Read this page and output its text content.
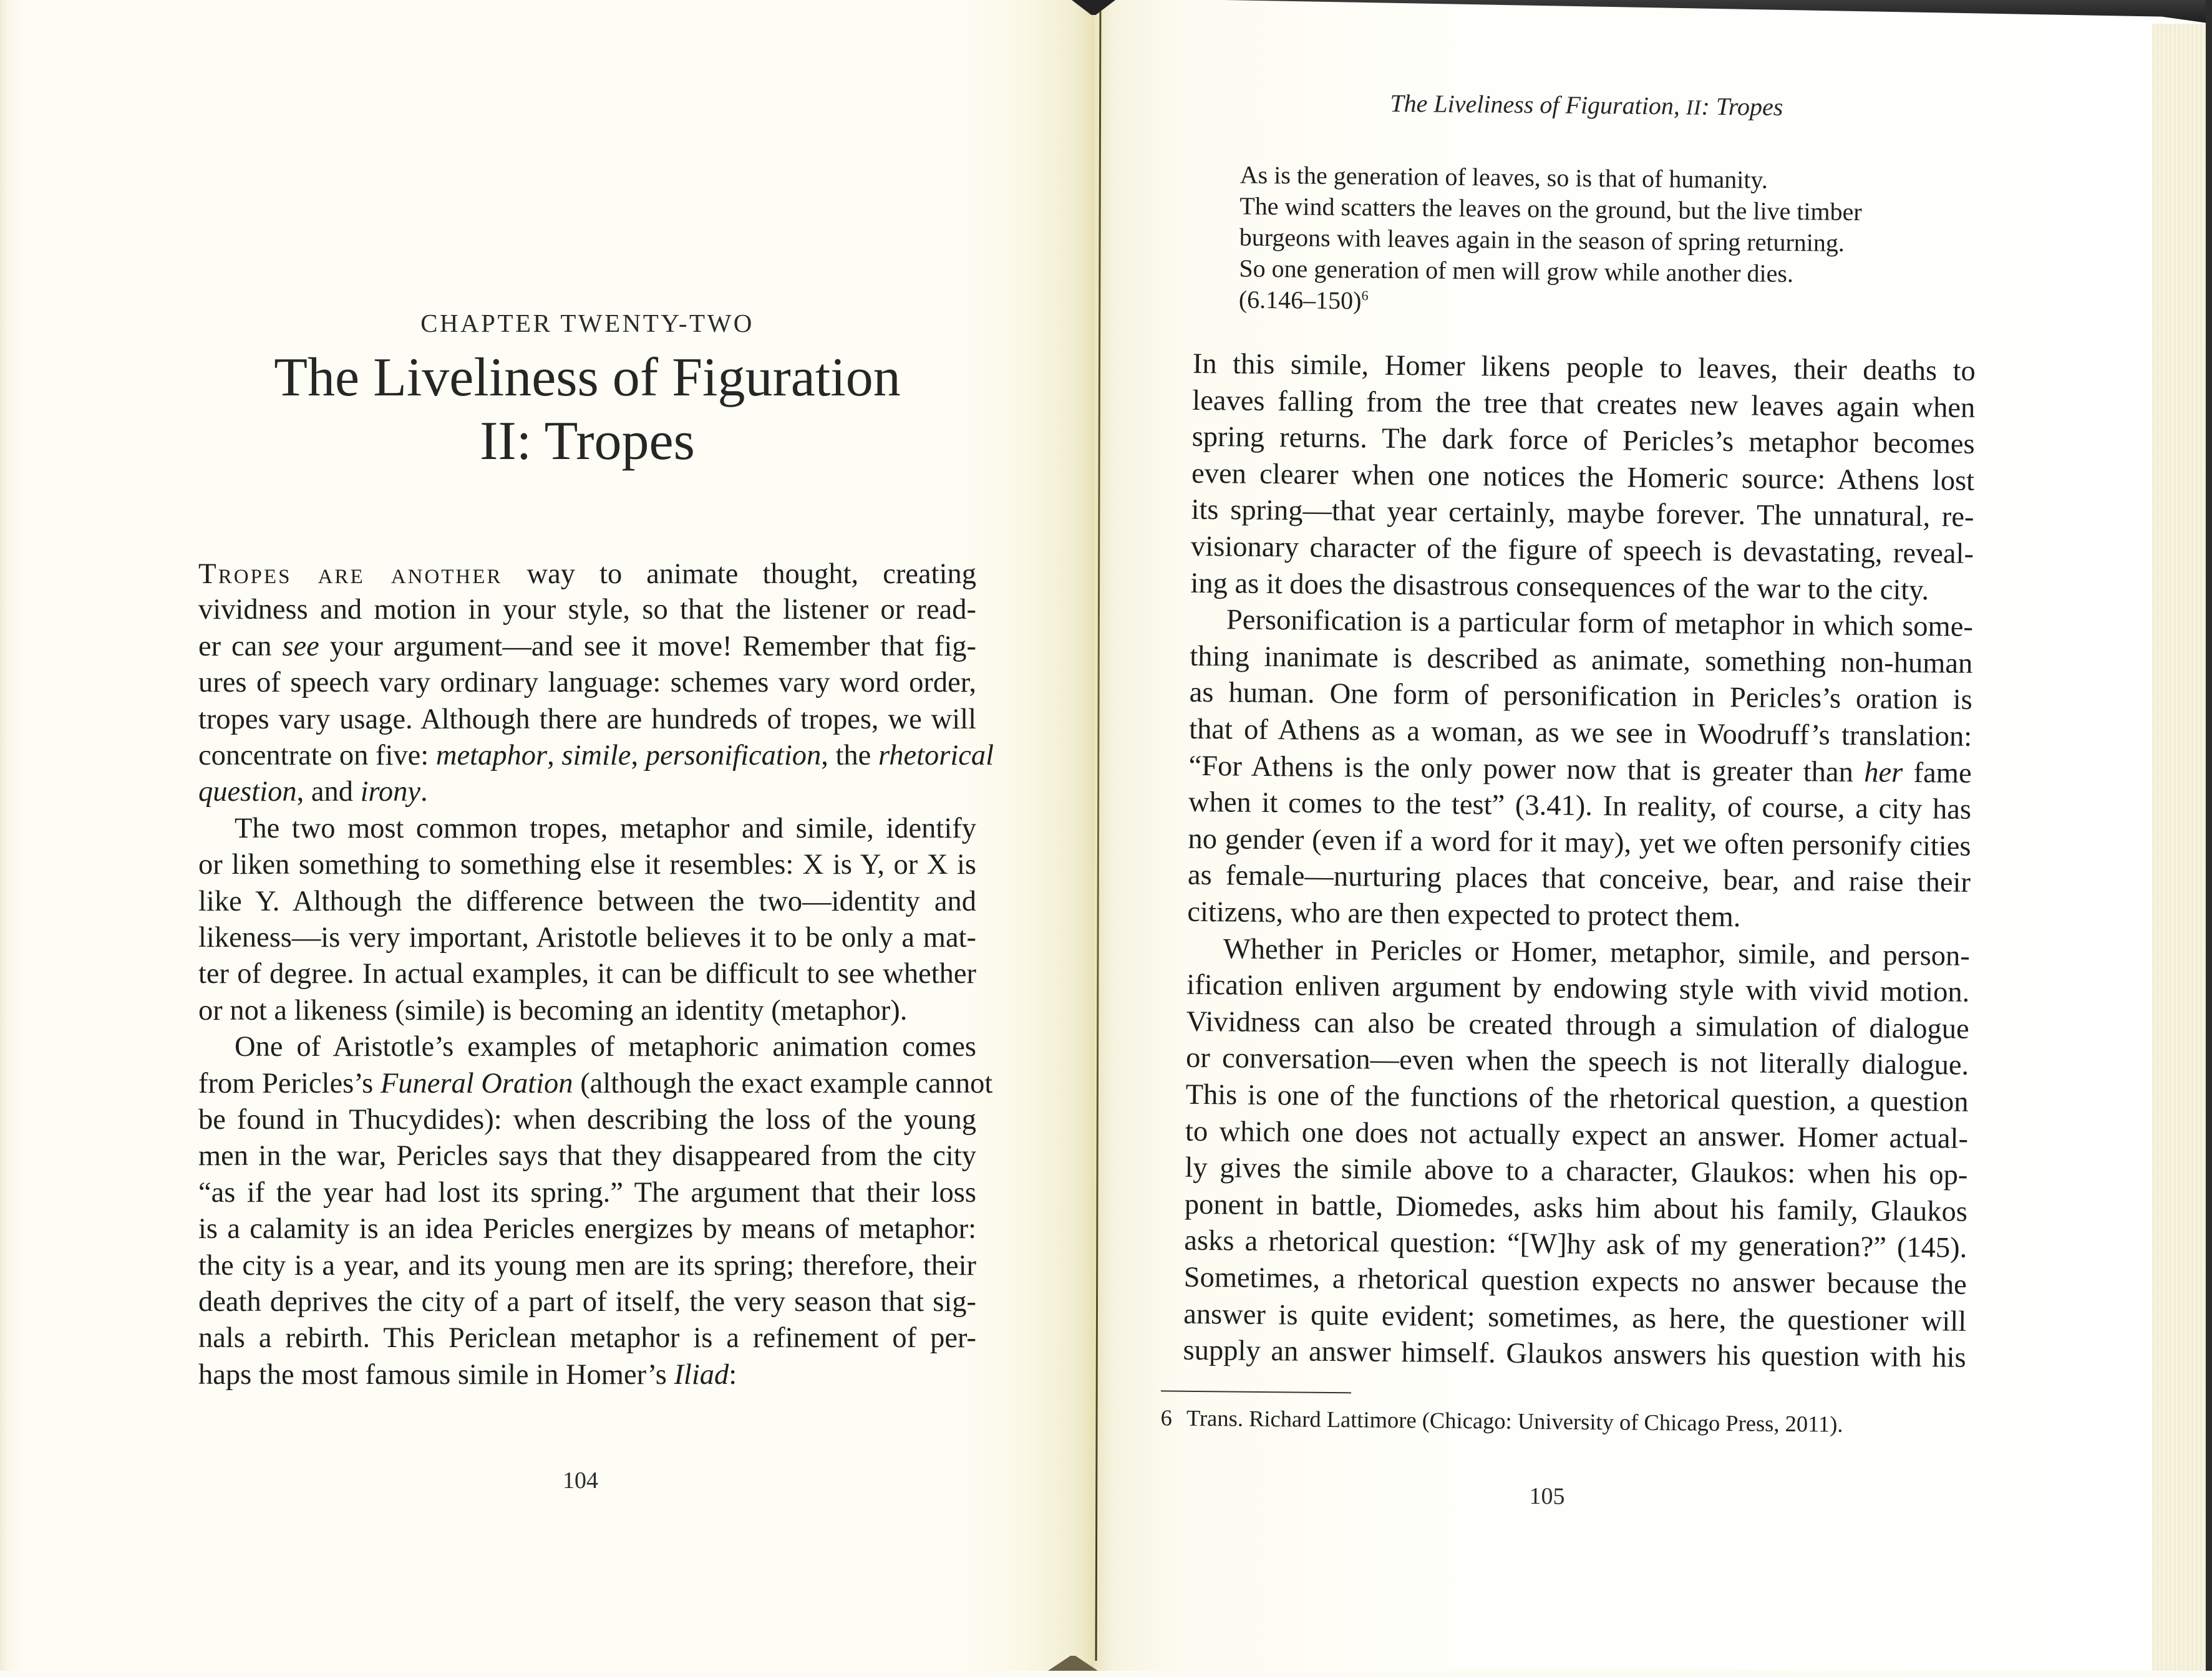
CHAPTER TWENTY-TWO
The Liveliness of Figuration
II: Tropes
Tropes are another way to animate thought, creating
vividness and motion in your style, so that the listener or read-
er can see your argument—and see it move! Remember that fig-
ures of speech vary ordinary language: schemes vary word order,
tropes vary usage. Although there are hundreds of tropes, we will
concentrate on five: metaphor, simile, personification, the rhetorical
question, and irony.
The two most common tropes, metaphor and simile, identify
or liken something to something else it resembles: X is Y, or X is
like Y. Although the difference between the two—identity and
likeness—is very important, Aristotle believes it to be only a mat-
ter of degree. In actual examples, it can be difficult to see whether
or not a likeness (simile) is becoming an identity (metaphor).
One of Aristotle’s examples of metaphoric animation comes
from Pericles’s Funeral Oration (although the exact example cannot
be found in Thucydides): when describing the loss of the young
men in the war, Pericles says that they disappeared from the city
“as if the year had lost its spring.” The argument that their loss
is a calamity is an idea Pericles energizes by means of metaphor:
the city is a year, and its young men are its spring; therefore, their
death deprives the city of a part of itself, the very season that sig-
nals a rebirth. This Periclean metaphor is a refinement of per-
haps the most famous simile in Homer’s Iliad:
104
The Liveliness of Figuration, II: Tropes
As is the generation of leaves, so is that of humanity.
The wind scatters the leaves on the ground, but the live timber
burgeons with leaves again in the season of spring returning.
So one generation of men will grow while another dies.
$(6.146-150)^6$
In this simile, Homer likens people to leaves, their deaths to
leaves falling from the tree that creates new leaves again when
spring returns. The dark force of Pericles’s metaphor becomes
even clearer when one notices the Homeric source: Athens lost
its spring—that year certainly, maybe forever. The unnatural, re-
visionary character of the figure of speech is devastating, reveal-
ing as it does the disastrous consequences of the war to the city.
Personification is a particular form of metaphor in which some-
thing inanimate is described as animate, something non-human
as human. One form of personification in Pericles’s oration is
that of Athens as a woman, as we see in Woodruff’s translation:
“For Athens is the only power now that is greater than her fame
when it comes to the test” (3.41). In reality, of course, a city has
no gender (even if a word for it may), yet we often personify cities
as female—nurturing places that conceive, bear, and raise their
citizens, who are then expected to protect them.
Whether in Pericles or Homer, metaphor, simile, and person-
ification enliven argument by endowing style with vivid motion.
Vividness can also be created through a simulation of dialogue
or conversation—even when the speech is not literally dialogue.
This is one of the functions of the rhetorical question, a question
to which one does not actually expect an answer. Homer actual-
ly gives the simile above to a character, Glaukos: when his op-
ponent in battle, Diomedes, asks him about his family, Glaukos
asks a rhetorical question: “[W]hy ask of my generation?” (145).
Sometimes, a rhetorical question expects no answer because the
answer is quite evident; sometimes, as here, the questioner will
supply an answer himself. Glaukos answers his question with his
6 Trans. Richard Lattimore (Chicago: University of Chicago Press, 2011).
105
